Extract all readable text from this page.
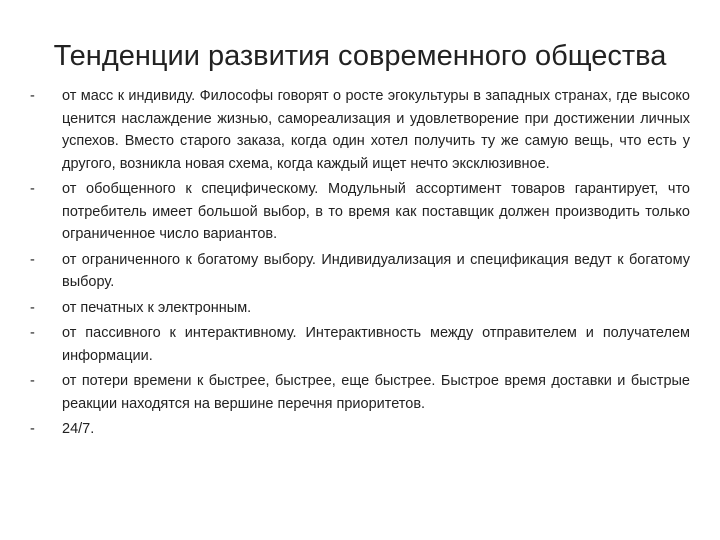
Тенденции развития современного общества
-	от масс к индивиду. Философы говорят о росте эгокультуры в западных странах, где высоко ценится наслаждение жизнью, самореализация и удовлетворение при достижении личных успехов. Вместо старого заказа, когда один хотел получить ту же самую вещь, что есть у другого, возникла новая схема, когда каждый ищет нечто эксклюзивное.
-	от обобщенного к специфическому. Модульный ассортимент товаров гарантирует, что потребитель имеет большой выбор, в то время как поставщик должен производить только ограниченное число вариантов.
-	от ограниченного к богатому выбору. Индивидуализация и спецификация ведут к богатому выбору.
-	от печатных к электронным.
-	от пассивного к интерактивному. Интерактивность между отправителем и получателем информации.
-	от потери времени к быстрее, быстрее, еще быстрее. Быстрое время доставки и быстрые реакции находятся на вершине перечня приоритетов.
-	24/7.
